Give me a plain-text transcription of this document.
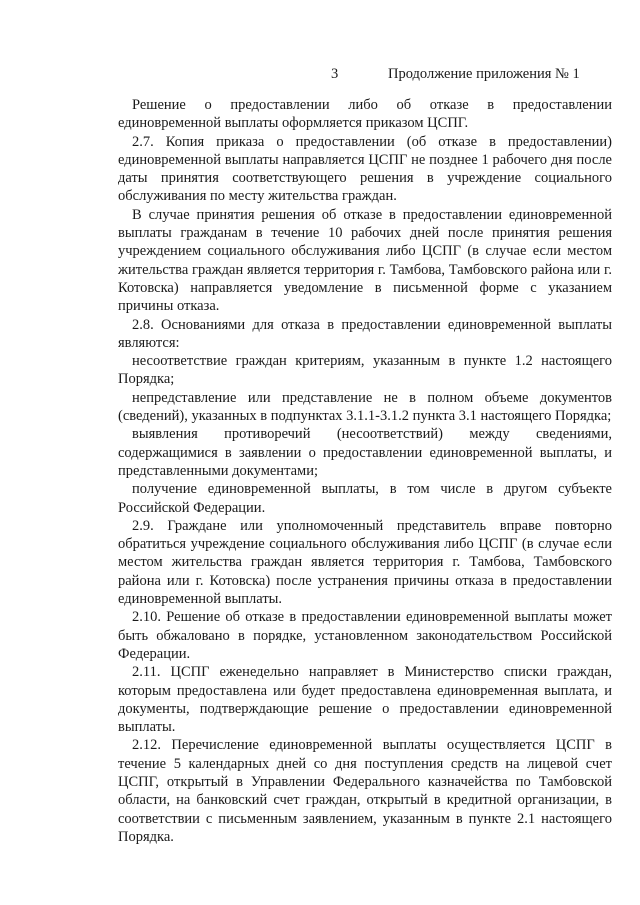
3	Продолжение приложения № 1

Решение о предоставлении либо об отказе в предоставлении единовременной выплаты оформляется приказом ЦСПГ.

2.7. Копия приказа о предоставлении (об отказе в предоставлении) единовременной выплаты направляется ЦСПГ не позднее 1 рабочего дня после даты принятия соответствующего решения в учреждение социального обслуживания по месту жительства граждан.

В случае принятия решения об отказе в предоставлении единовременной выплаты гражданам в течение 10 рабочих дней после принятия решения учреждением социального обслуживания либо ЦСПГ (в случае если местом жительства граждан является территория г. Тамбова, Тамбовского района или г. Котовска) направляется уведомление в письменной форме с указанием причины отказа.

2.8. Основаниями для отказа в предоставлении единовременной выплаты являются:

несоответствие граждан критериям, указанным в пункте 1.2 настоящего Порядка;

непредставление или представление не в полном объеме документов (сведений), указанных в подпунктах 3.1.1-3.1.2 пункта 3.1 настоящего Порядка;

выявления противоречий (несоответствий) между сведениями, содержащимися в заявлении о предоставлении единовременной выплаты, и представленными документами;

получение единовременной выплаты, в том числе в другом субъекте Российской Федерации.

2.9. Граждане или уполномоченный представитель вправе повторно обратиться учреждение социального обслуживания либо ЦСПГ (в случае если местом жительства граждан является территория г. Тамбова, Тамбовского района или г. Котовска) после устранения причины отказа в предоставлении единовременной выплаты.

2.10. Решение об отказе в предоставлении единовременной выплаты может быть обжаловано в порядке, установленном законодательством Российской Федерации.

2.11. ЦСПГ еженедельно направляет в Министерство списки граждан, которым предоставлена или будет предоставлена единовременная выплата, и документы, подтверждающие решение о предоставлении единовременной выплаты.

2.12. Перечисление единовременной выплаты осуществляется ЦСПГ в течение 5 календарных дней со дня поступления средств на лицевой счет ЦСПГ, открытый в Управлении Федерального казначейства по Тамбовской области, на банковский счет граждан, открытый в кредитной организации, в соответствии с письменным заявлением, указанным в пункте 2.1 настоящего Порядка.
